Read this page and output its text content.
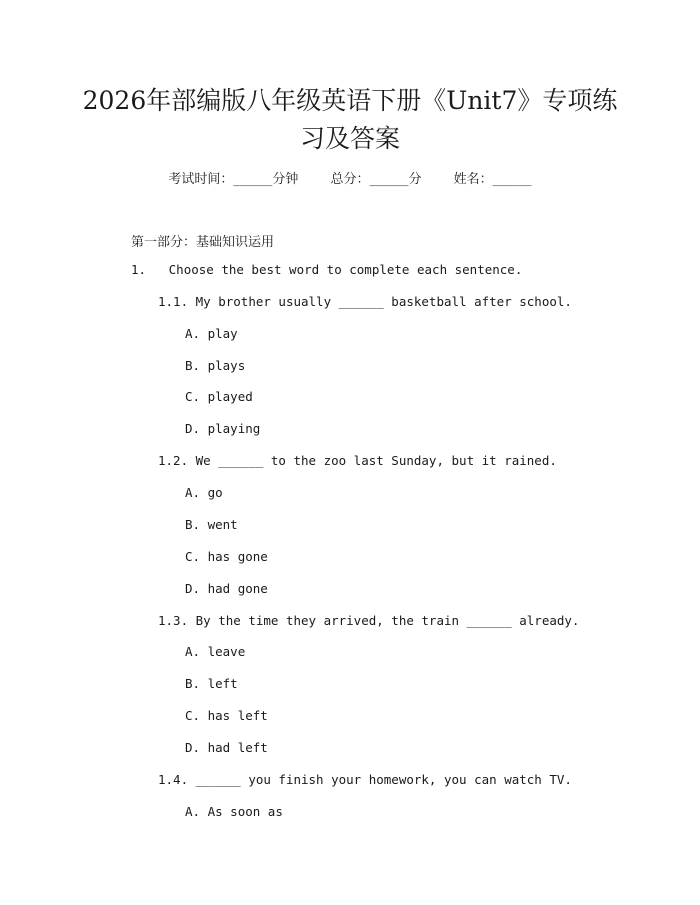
2026年部编版八年级英语下册《Unit7》专项练习及答案
考试时间：______分钟 总分：______分 姓名：______
第一部分：基础知识运用
1. Choose the best word to complete each sentence.
1.1. My brother usually ______ basketball after school.
A. play
B. plays
C. played
D. playing
1.2. We ______ to the zoo last Sunday, but it rained.
A. go
B. went
C. has gone
D. had gone
1.3. By the time they arrived, the train ______ already.
A. leave
B. left
C. has left
D. had left
1.4. ______ you finish your homework, you can watch TV.
A. As soon as
